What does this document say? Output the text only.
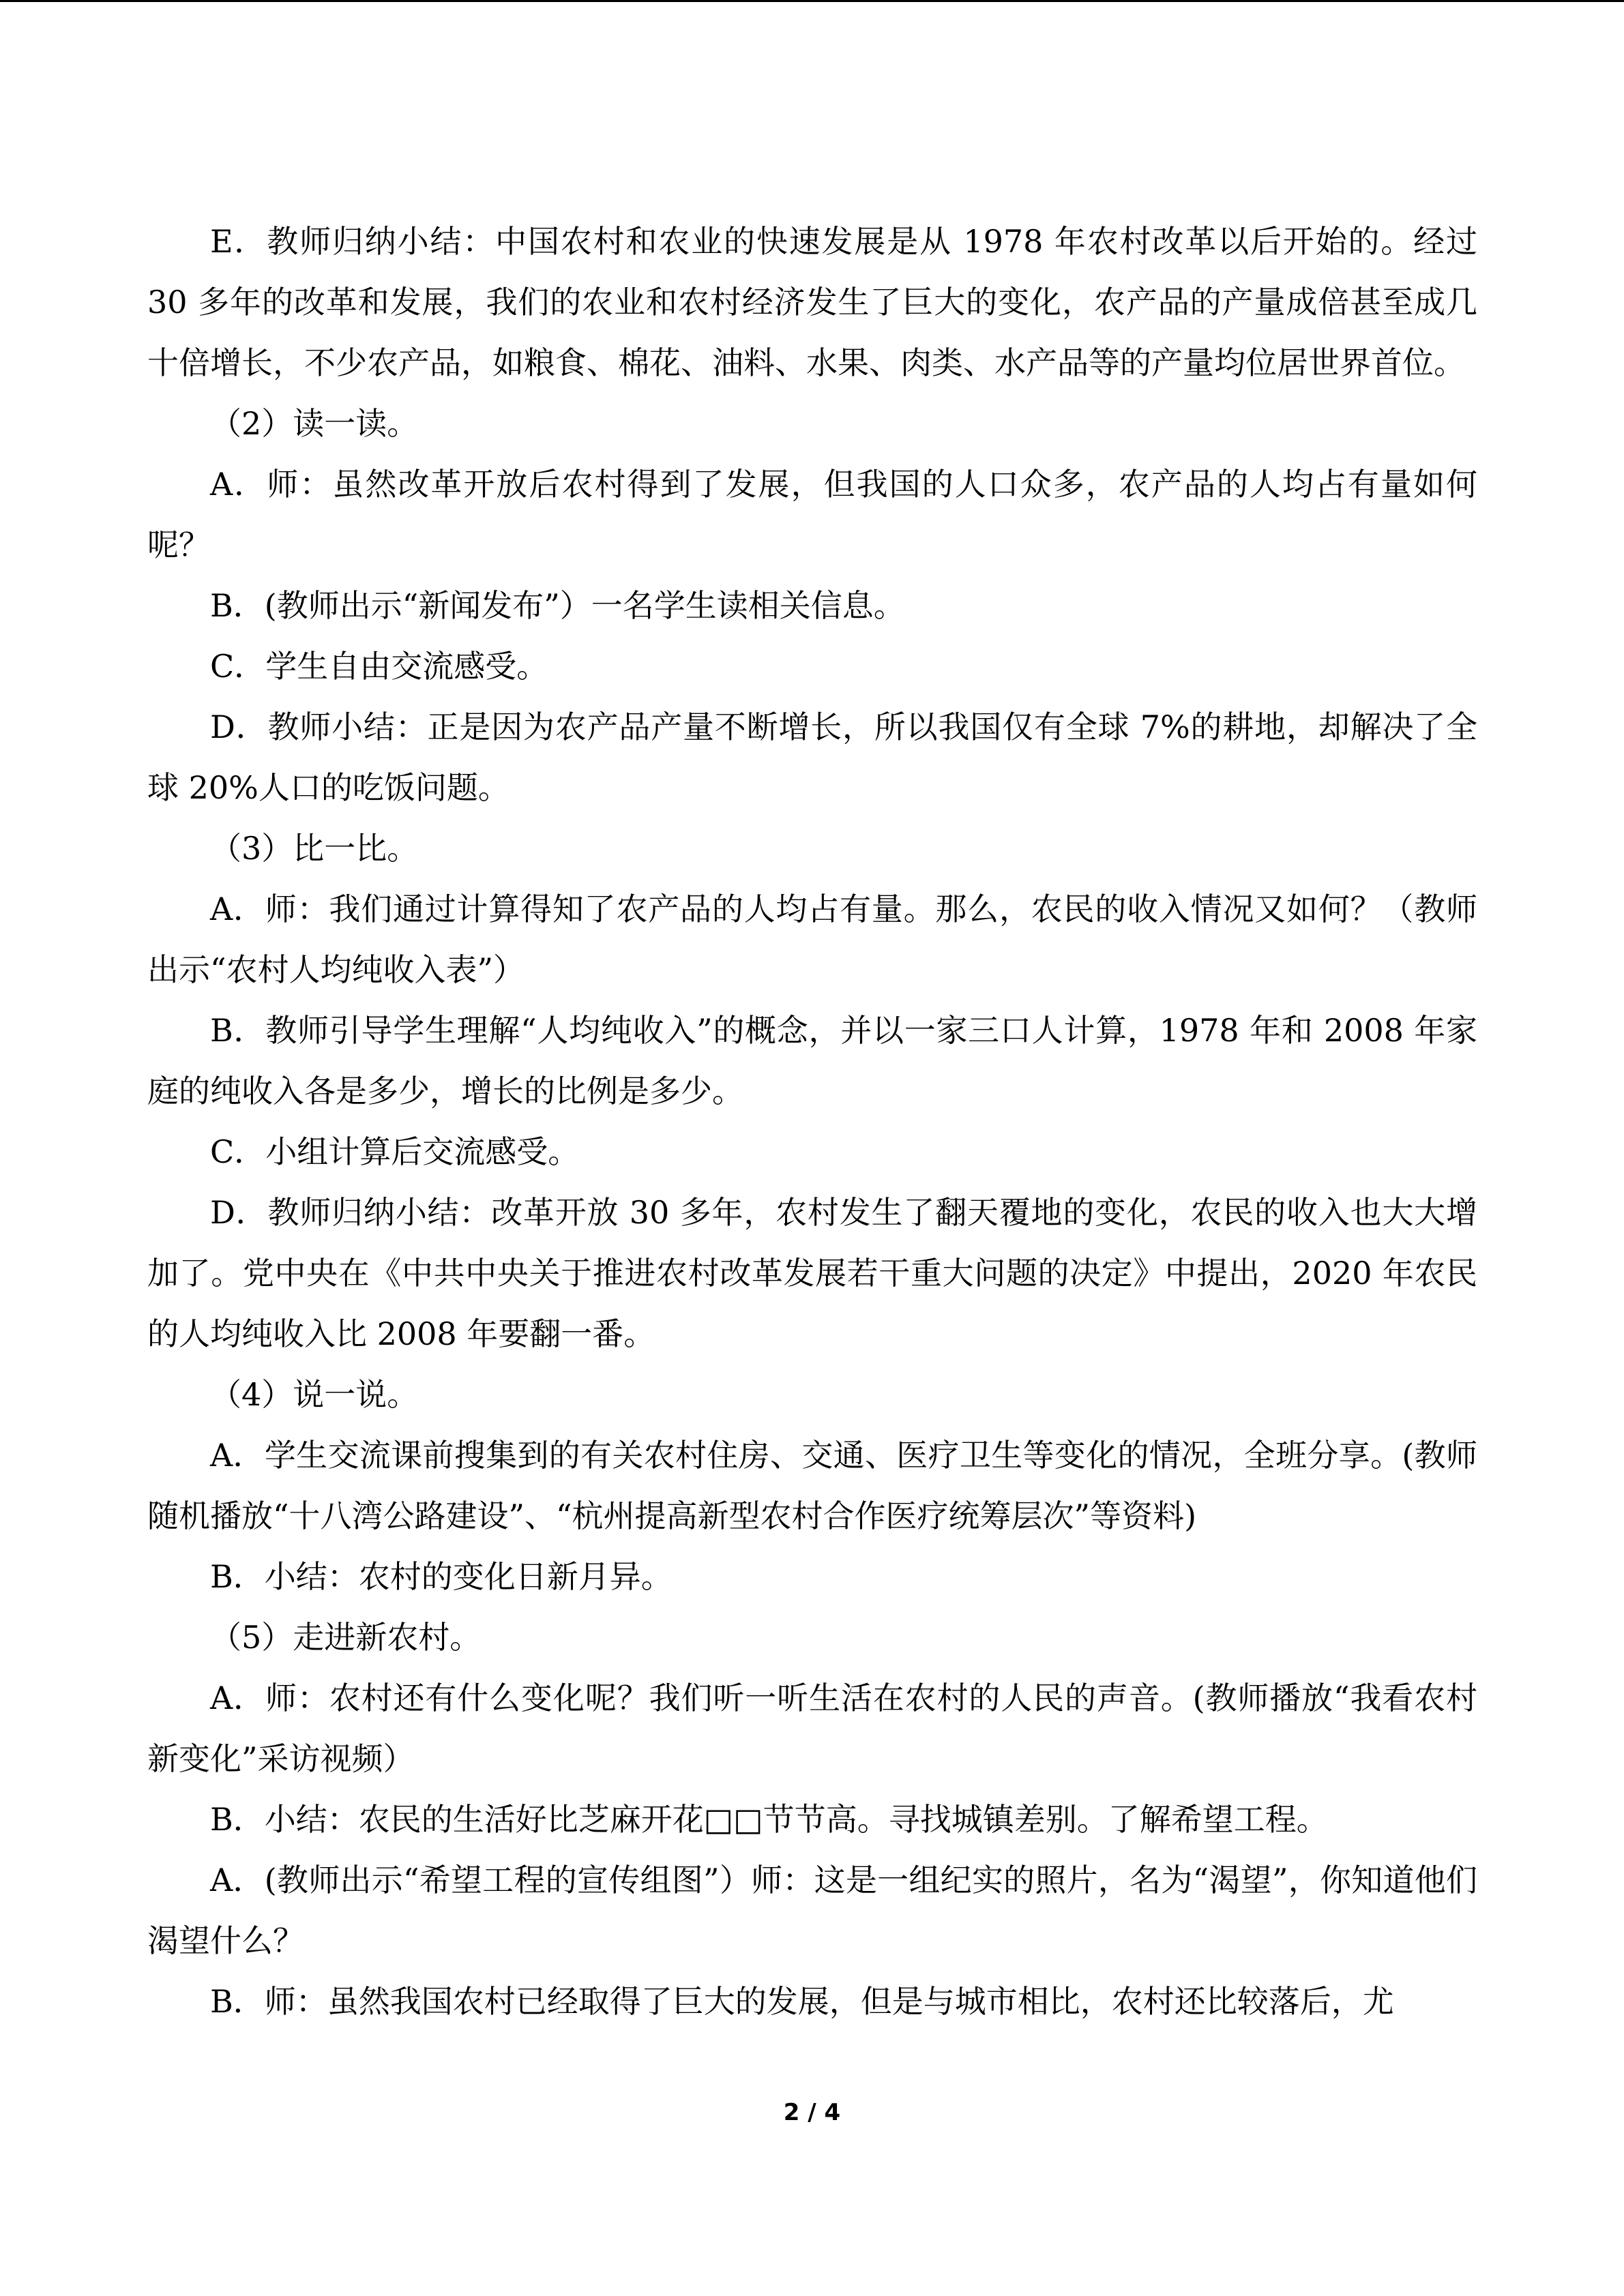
E．教师归纳小结：中国农村和农业的快速发展是从 1978 年农村改革以后开始的。经过 30 多年的改革和发展，我们的农业和农村经济发生了巨大的变化，农产品的产量成倍甚至成几十倍增长，不少农产品，如粮食、棉花、油料、水果、肉类、水产品等的产量均位居世界首位。

（2）读一读。

A．师：虽然改革开放后农村得到了发展，但我国的人口众多，农产品的人均占有量如何呢？

B．(教师出示“新闻发布”）一名学生读相关信息。

C．学生自由交流感受。

D．教师小结：正是因为农产品产量不断增长，所以我国仅有全球 7%的耕地，却解决了全球 20%人口的吃饭问题。

（3）比一比。

A．师：我们通过计算得知了农产品的人均占有量。那么，农民的收入情况又如何？（教师出示“农村人均纯收入表”）

B．教师引导学生理解“人均纯收入”的概念，并以一家三口人计算，1978 年和 2008 年家庭的纯收入各是多少，增长的比例是多少。

C．小组计算后交流感受。

D．教师归纳小结：改革开放 30 多年，农村发生了翻天覆地的变化，农民的收入也大大增加了。党中央在《中共中央关于推进农村改革发展若干重大问题的决定》中提出，2020 年农民的人均纯收入比 2008 年要翻一番。

（4）说一说。

A．学生交流课前搜集到的有关农村住房、交通、医疗卫生等变化的情况，全班分享。(教师随机播放“十八湾公路建设”、“杭州提高新型农村合作医疗统筹层次”等资料)

B．小结：农村的变化日新月异。

（5）走进新农村。

A．师：农村还有什么变化呢？我们听一听生活在农村的人民的声音。(教师播放“我看农村新变化”采访视频）

B．小结：农民的生活好比芝麻开花□□节节高。寻找城镇差别。了解希望工程。

A．(教师出示“希望工程的宣传组图”）师：这是一组纪实的照片，名为“渴望”，你知道他们渴望什么？

B．师：虽然我国农村已经取得了巨大的发展，但是与城市相比，农村还比较落后，尤

2 / 4
